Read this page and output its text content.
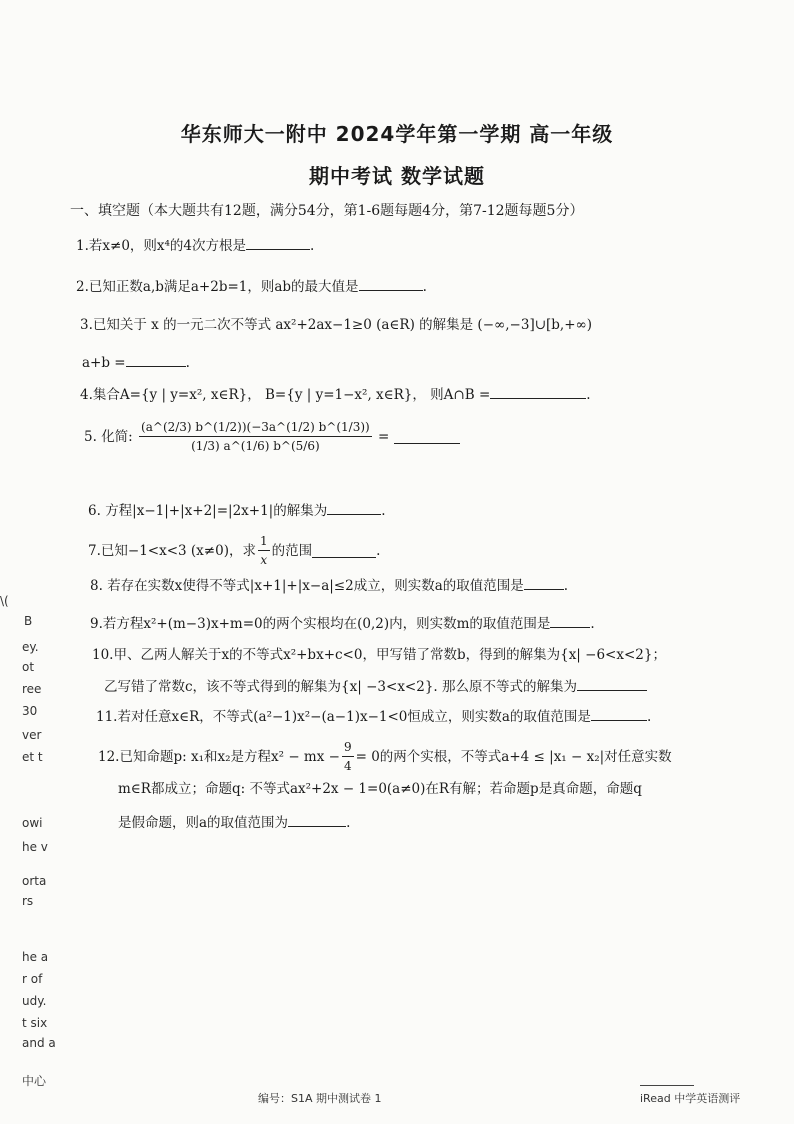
华东师大一附中 2024学年第一学期 高一年级
期中考试 数学试题
一、填空题（本大题共有12题，满分54分，第1-6题每题4分，第7-12题每题5分）
1.若x≠0，则x⁴的4次方根是	.
2.已知正数a,b满足a+2b=1，则ab的最大值是	.
3.已知关于 x 的一元二次不等式 ax²+2ax−1≥0 (a∈R) 的解集是 (−∞,−3]∪[b,+∞)
a+b =	.
4.集合A={y | y=x², x∈R}， B={y | y=1−x², x∈R}， 则A∩B =	.
5. 化简: $\frac{(a\^{}(2/3) b\^{}(1/2))(-3a\^{}(1/2) b\^{}(1/3))}{(1/3) a\^{}(1/6) b\^{}(5/6)}$ =
6. 方程|x−1|+|x+2|=|2x+1|的解集为	.
7.已知−1<x<3 (x≠0)，求 $\frac{1}{x}$ 的范围	.
8. 若存在实数x使得不等式|x+1|+|x−a|≤2成立，则实数a的取值范围是	.
9.若方程x²+(m−3)x+m=0的两个实根均在(0,2)内，则实数m的取值范围是	.
10.甲、乙两人解关于x的不等式x²+bx+c<0，甲写错了常数b，得到的解集为{x| −6<x<2}；
乙写错了常数c，该不等式得到的解集为{x| −3<x<2}. 那么原不等式的解集为
11.若对任意x∈R，不等式(a²−1)x²−(a−1)x−1<0恒成立，则实数a的取值范围是	.
12.已知命题p: x₁和x₂是方程x² − mx − $\frac{9}{4} = 0$的两个实根，不等式a+4 ≤ |x₁ − x₂|对任意实数
m∈R都成立；命题q: 不等式ax²+2x − 1=0(a≠0)在R有解；若命题p是真命题，命题q
是假命题，则a的取值范围为	.
\(
B
ey.
ot
ree
30
ver
et t
owi
he v
orta
rs
he a
r of
udy.
t six
and a
中心
编号：S1A 期中测试卷 1	iRead 中学英语测评
